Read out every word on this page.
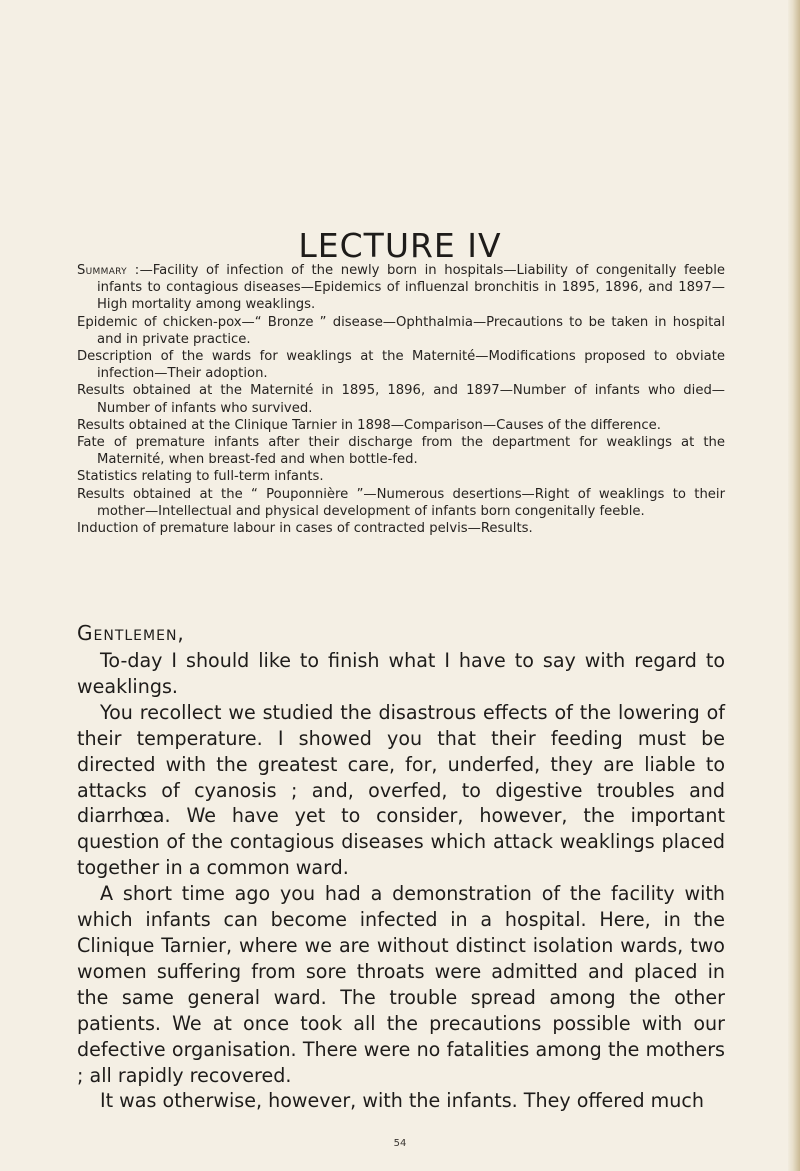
LECTURE IV

Summary :—Facility of infection of the newly born in hospitals—Liability of congenitally feeble infants to contagious diseases—Epidemics of influenzal bronchitis in 1895, 1896, and 1897—High mortality among weaklings.

Epidemic of chicken-pox—“ Bronze ” disease—Ophthalmia—Precautions to be taken in hospital and in private practice.

Description of the wards for weaklings at the Maternité—Modifications proposed to obviate infection—Their adoption.

Results obtained at the Maternité in 1895, 1896, and 1897—Number of infants who died—Number of infants who survived.

Results obtained at the Clinique Tarnier in 1898—Comparison—Causes of the difference.

Fate of premature infants after their discharge from the department for weaklings at the Maternité, when breast-fed and when bottle-fed.

Statistics relating to full-term infants.

Results obtained at the “ Pouponnière ”—Numerous desertions—Right of weaklings to their mother—Intellectual and physical development of infants born congenitally feeble.

Induction of premature labour in cases of contracted pelvis—Results.

Gentlemen,

To-day I should like to finish what I have to say with regard to weaklings.

You recollect we studied the disastrous effects of the lowering of their temperature. I showed you that their feeding must be directed with the greatest care, for, underfed, they are liable to attacks of cyanosis ; and, overfed, to digestive troubles and diarrhœa. We have yet to consider, however, the important question of the contagious diseases which attack weaklings placed together in a common ward.

A short time ago you had a demonstration of the facility with which infants can become infected in a hospital. Here, in the Clinique Tarnier, where we are without distinct isolation wards, two women suffering from sore throats were admitted and placed in the same general ward. The trouble spread among the other patients. We at once took all the precautions possible with our defective organisation. There were no fatalities among the mothers ; all rapidly recovered.

It was otherwise, however, with the infants. They offered much

54
